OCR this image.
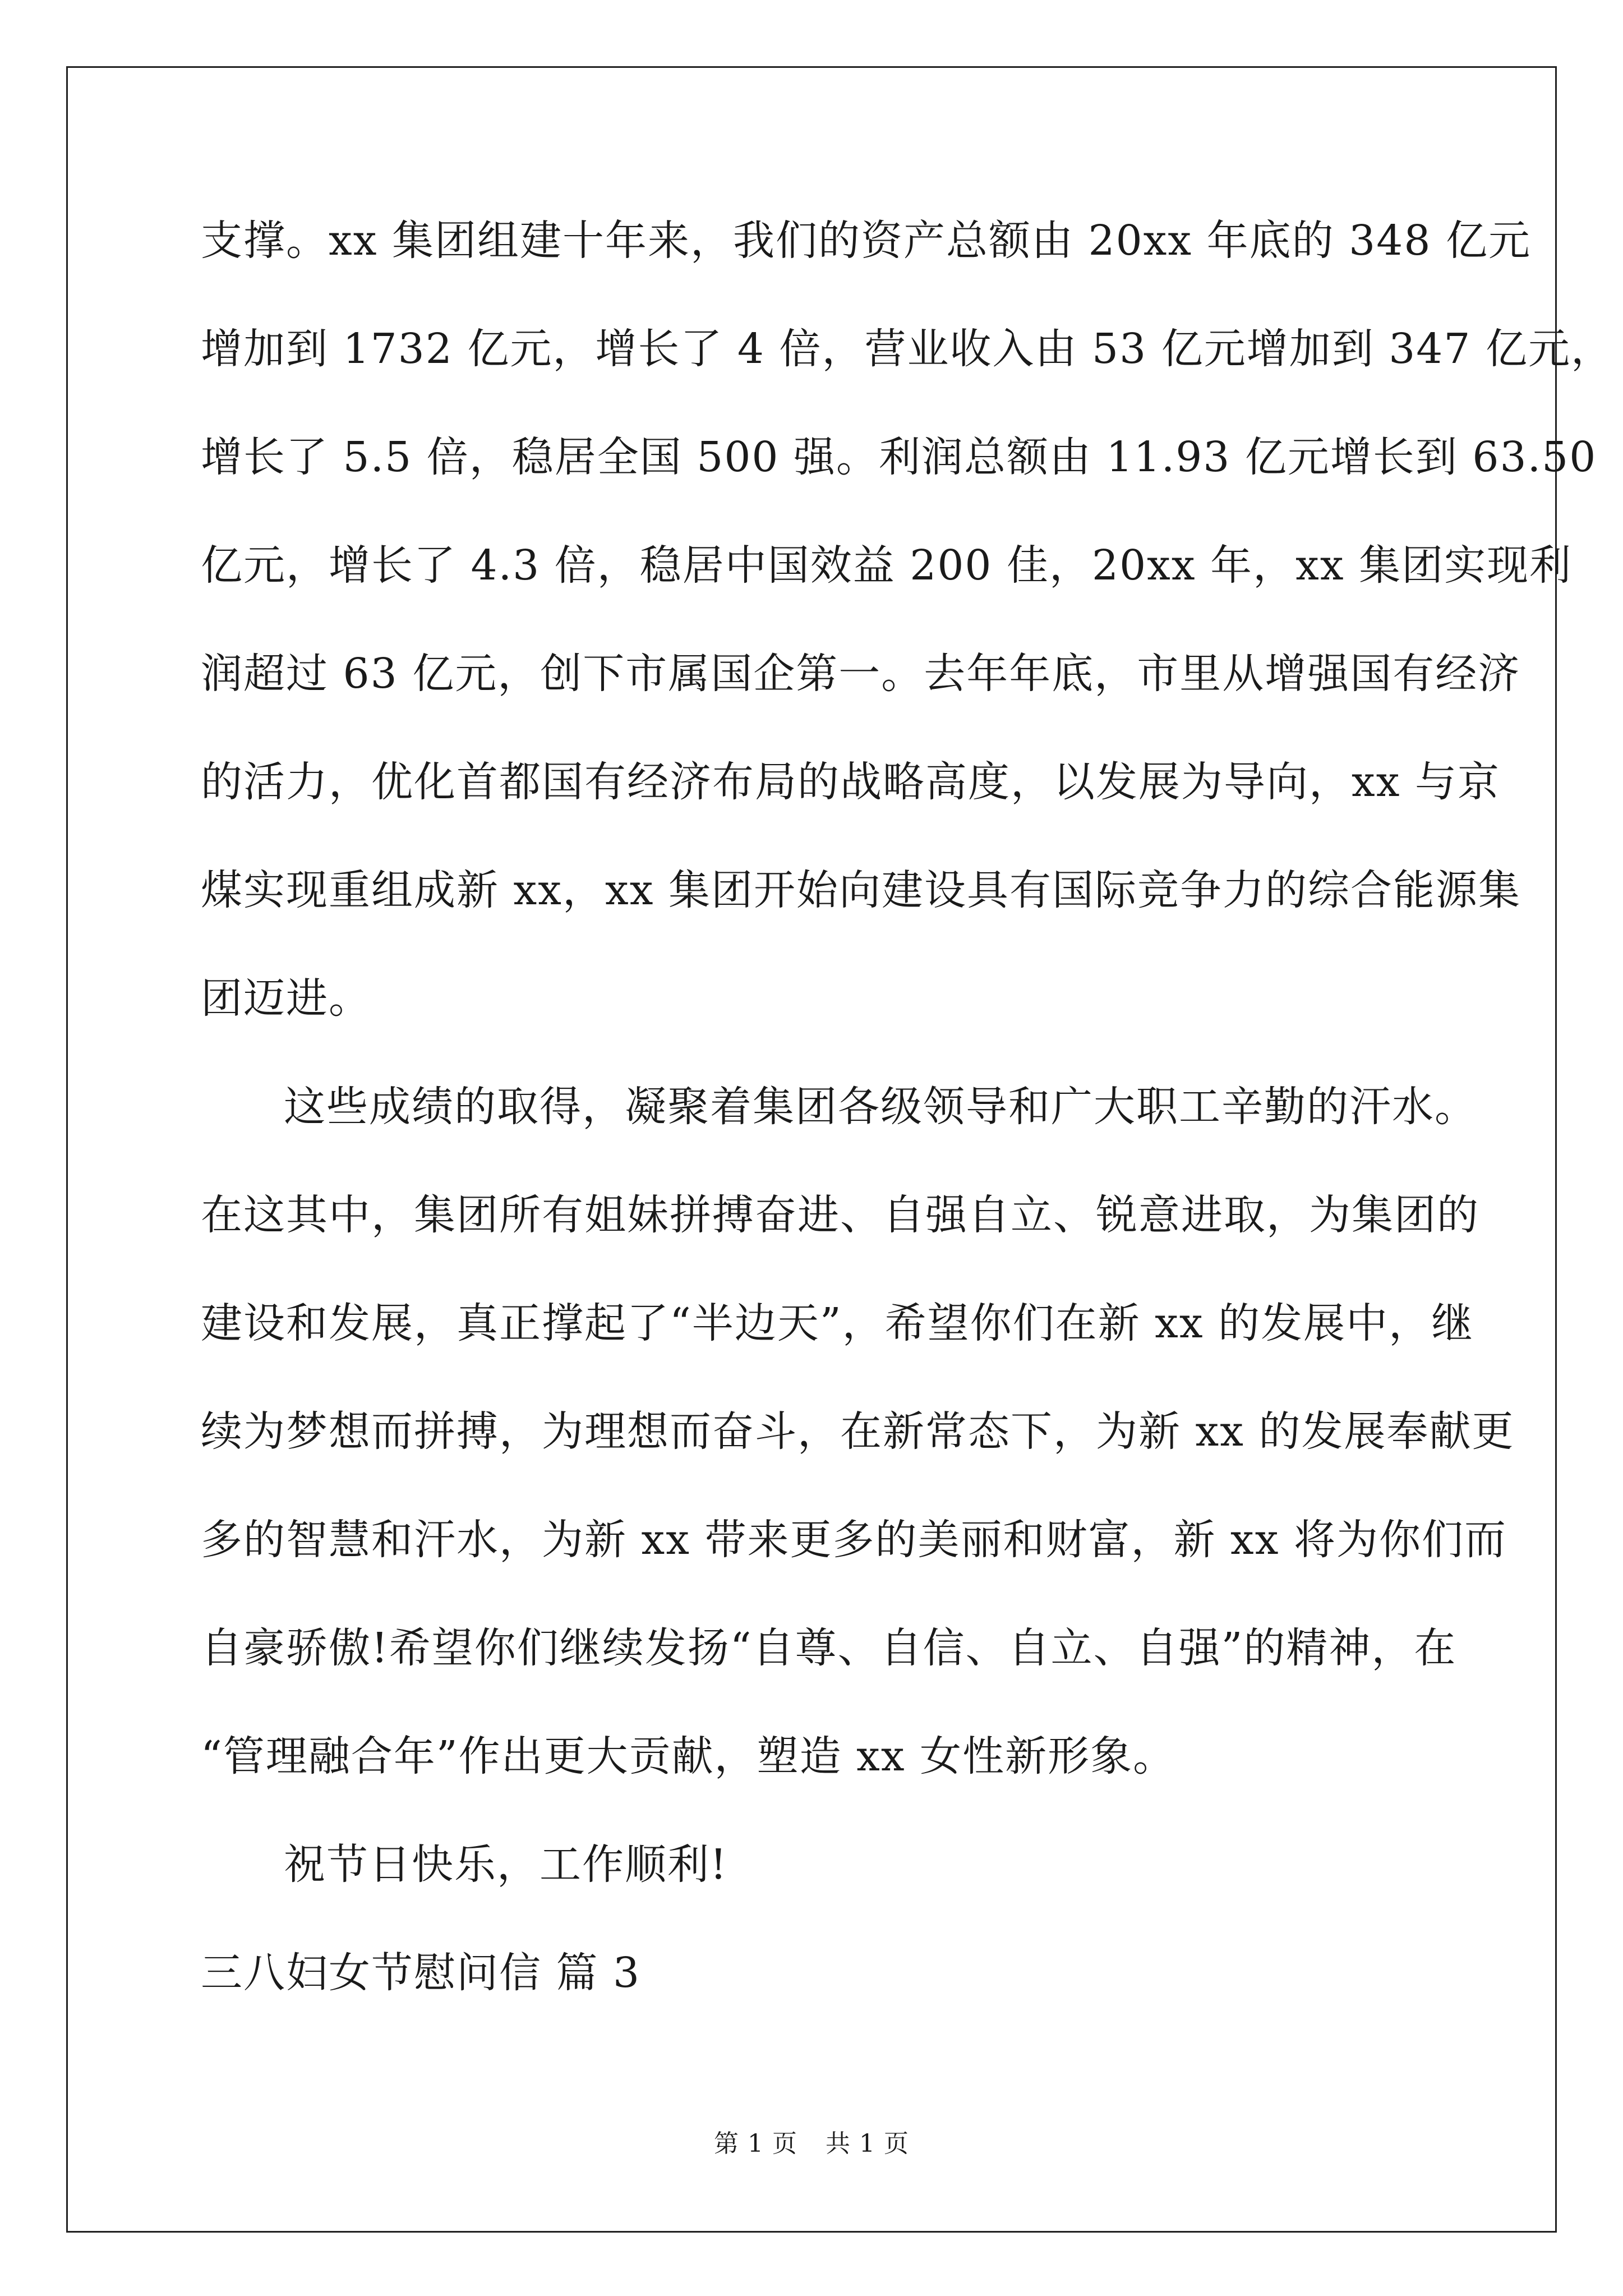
支撑。xx 集团组建十年来，我们的资产总额由 20xx 年底的 348 亿元
增加到 1732 亿元，增长了 4 倍，营业收入由 53 亿元增加到 347 亿元，
增长了 5.5 倍，稳居全国 500 强。利润总额由 11.93 亿元增长到 63.50
亿元，增长了 4.3 倍，稳居中国效益 200 佳，20xx 年，xx 集团实现利
润超过 63 亿元，创下市属国企第一。去年年底，市里从增强国有经济
的活力，优化首都国有经济布局的战略高度，以发展为导向，xx 与京
煤实现重组成新 xx，xx 集团开始向建设具有国际竞争力的综合能源集
团迈进。
这些成绩的取得，凝聚着集团各级领导和广大职工辛勤的汗水。
在这其中，集团所有姐妹拼搏奋进、自强自立、锐意进取，为集团的
建设和发展，真正撑起了“半边天”，希望你们在新 xx 的发展中，继
续为梦想而拼搏，为理想而奋斗，在新常态下，为新 xx 的发展奉献更
多的智慧和汗水，为新 xx 带来更多的美丽和财富，新 xx 将为你们而
自豪骄傲!希望你们继续发扬“自尊、自信、自立、自强”的精神，在
“管理融合年”作出更大贡献，塑造 xx 女性新形象。
祝节日快乐，工作顺利!
三八妇女节慰问信 篇 3
第 1 页 共 1 页
